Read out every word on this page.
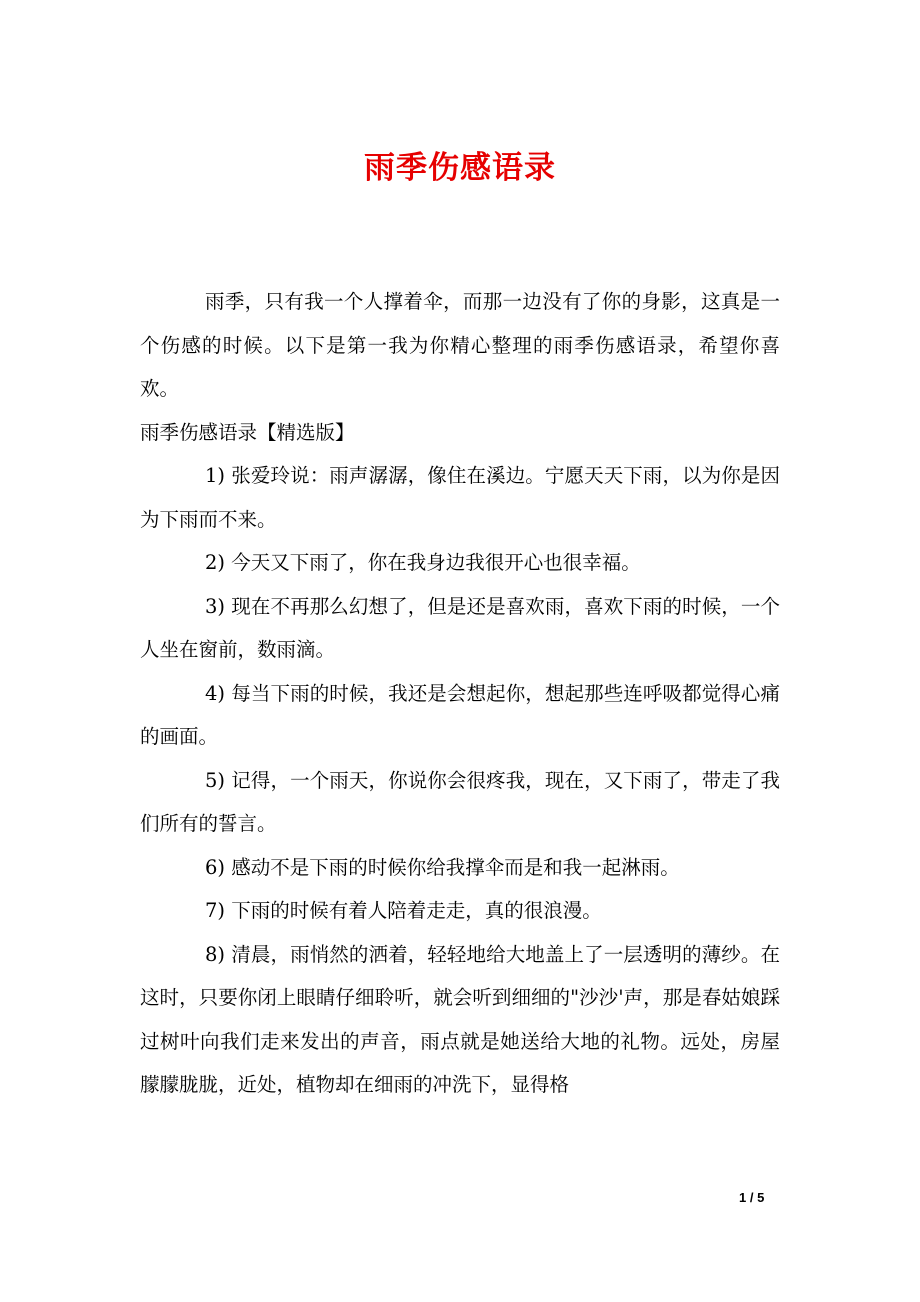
雨季伤感语录

雨季，只有我一个人撑着伞，而那一边没有了你的身影，这真是一个伤感的时候。以下是第一我为你精心整理的雨季伤感语录，希望你喜欢。

雨季伤感语录【精选版】

1) 张爱玲说：雨声潺潺，像住在溪边。宁愿天天下雨，以为你是因为下雨而不来。

2) 今天又下雨了，你在我身边我很开心也很幸福。

3) 现在不再那么幻想了，但是还是喜欢雨，喜欢下雨的时候，一个人坐在窗前，数雨滴。

4) 每当下雨的时候，我还是会想起你，想起那些连呼吸都觉得心痛的画面。

5) 记得，一个雨天，你说你会很疼我，现在，又下雨了，带走了我们所有的誓言。

6) 感动不是下雨的时候你给我撑伞而是和我一起淋雨。

7) 下雨的时候有着人陪着走走，真的很浪漫。

8) 清晨，雨悄然的洒着，轻轻地给大地盖上了一层透明的薄纱。在这时，只要你闭上眼睛仔细聆听，就会听到细细的"沙沙'声，那是春姑娘踩过树叶向我们走来发出的声音，雨点就是她送给大地的礼物。远处，房屋朦朦胧胧，近处，植物却在细雨的冲洗下，显得格

1 / 5
